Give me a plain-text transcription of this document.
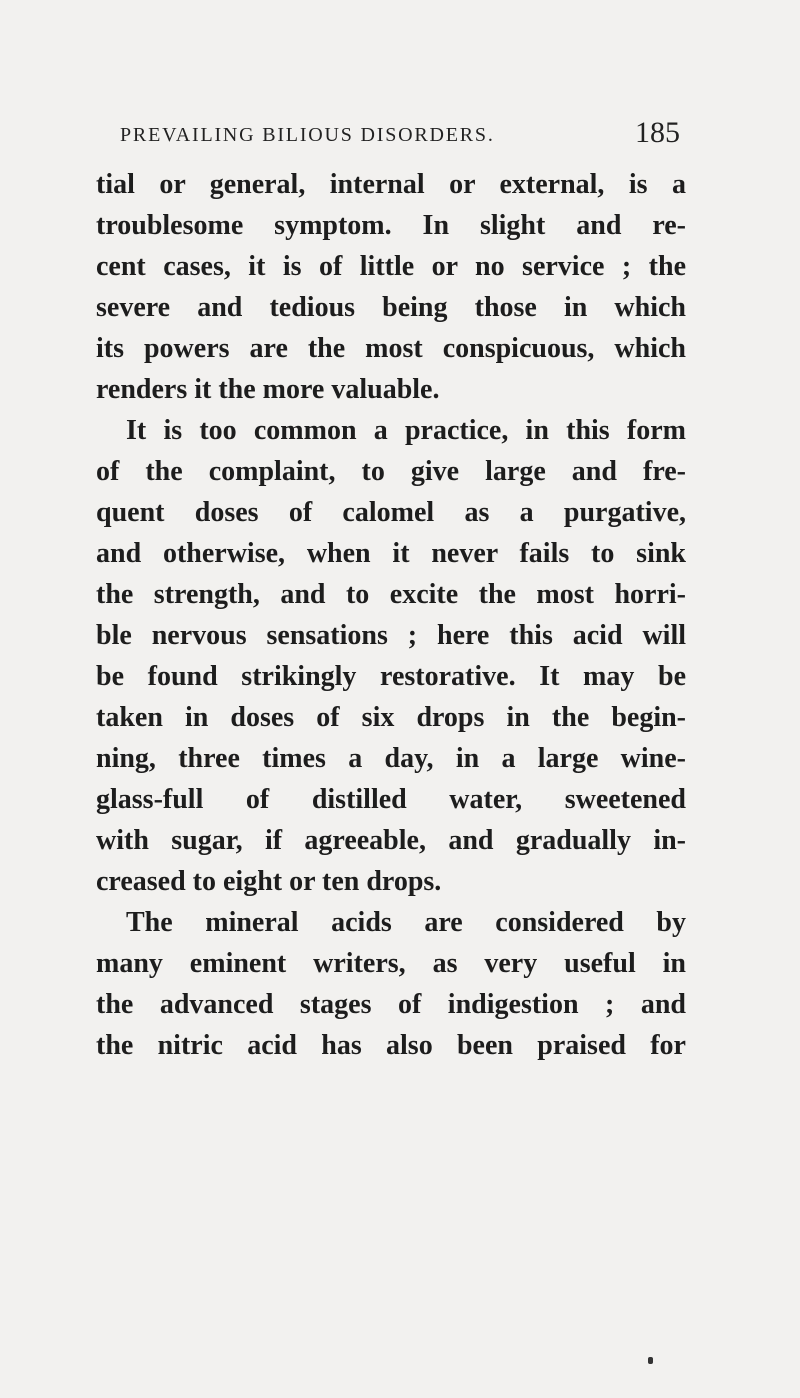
PREVAILING BILIOUS DISORDERS.	185
tial or general, internal or external, is a
troublesome symptom. In slight and re-
cent cases, it is of little or no service ; the
severe and tedious being those in which
its powers are the most conspicuous, which
renders it the more valuable.
It is too common a practice, in this form
of the complaint, to give large and fre-
quent doses of calomel as a purgative,
and otherwise, when it never fails to sink
the strength, and to excite the most horri-
ble nervous sensations ; here this acid will
be found strikingly restorative. It may be
taken in doses of six drops in the begin-
ning, three times a day, in a large wine-
glass-full of distilled water, sweetened
with sugar, if agreeable, and gradually in-
creased to eight or ten drops.
The mineral acids are considered by
many eminent writers, as very useful in
the advanced stages of indigestion ; and
the nitric acid has also been praised for
